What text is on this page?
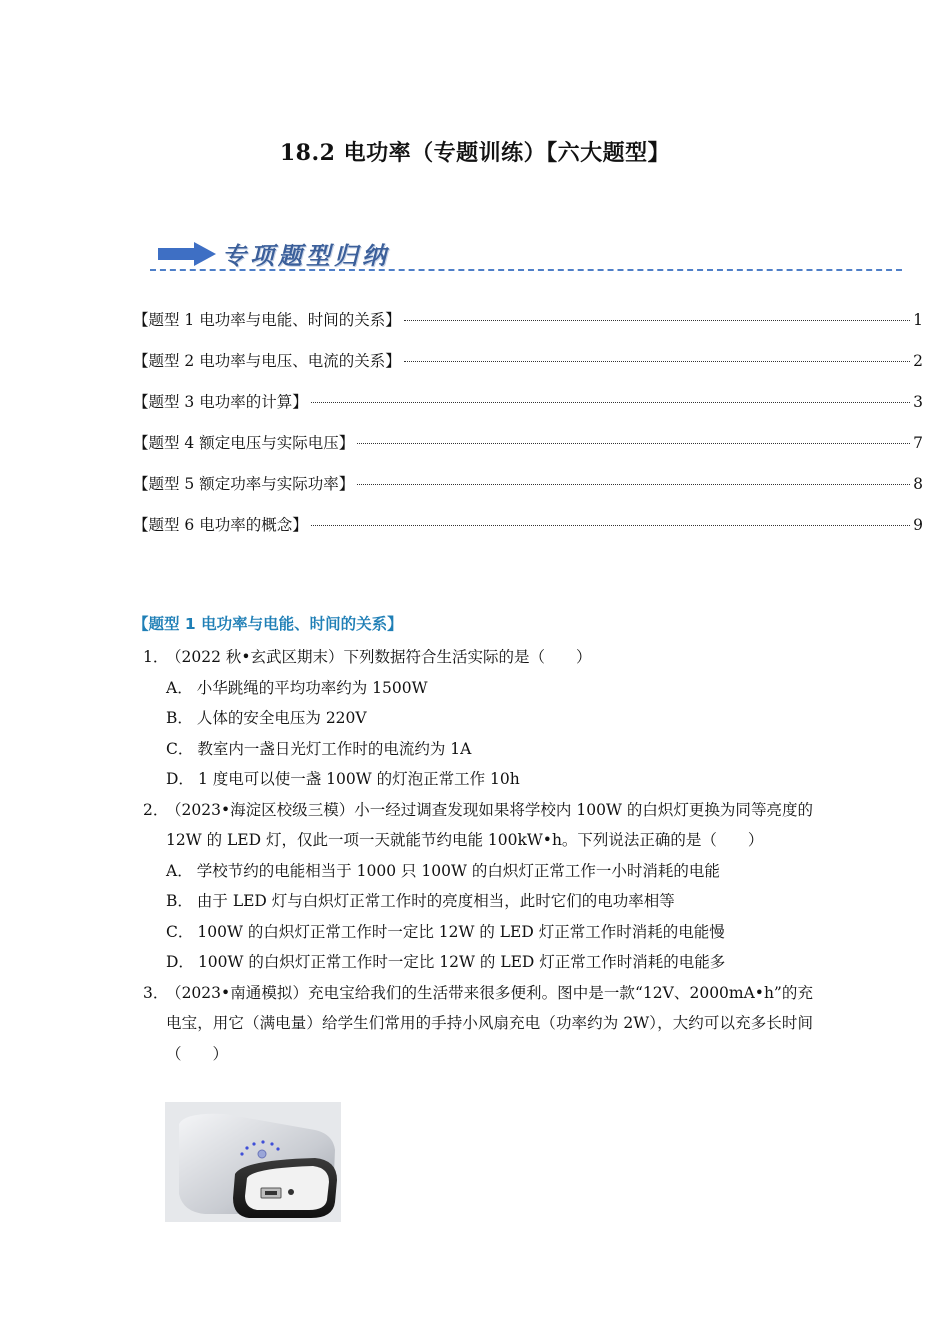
18.2 电功率（专题训练）【六大题型】
专项题型归纳
【题型 1 电功率与电能、时间的关系】	1
【题型 2 电功率与电压、电流的关系】	2
【题型 3 电功率的计算】	3
【题型 4 额定电压与实际电压】	7
【题型 5 额定功率与实际功率】	8
【题型 6 电功率的概念】	9
【题型 1 电功率与电能、时间的关系】
1．
（2022 秋•玄武区期末）下列数据符合生活实际的是（　　）
A． 小华跳绳的平均功率约为 1500W
B． 人体的安全电压为 220V
C． 教室内一盏日光灯工作时的电流约为 1A
D． 1 度电可以使一盏 100W 的灯泡正常工作 10h
2．
（2023•海淀区校级三模）小一经过调查发现如果将学校内 100W 的白炽灯更换为同等亮度的 12W 的 LED 灯，仅此一项一天就能节约电能 100kW•h。下列说法正确的是（　　）
A． 学校节约的电能相当于 1000 只 100W 的白炽灯正常工作一小时消耗的电能
B． 由于 LED 灯与白炽灯正常工作时的亮度相当，此时它们的电功率相等
C． 100W 的白炽灯正常工作时一定比 12W 的 LED 灯正常工作时消耗的电能慢
D． 100W 的白炽灯正常工作时一定比 12W 的 LED 灯正常工作时消耗的电能多
3．
（2023•南通模拟）充电宝给我们的生活带来很多便利。图中是一款“12V、2000mA•h”的充电宝，用它（满电量）给学生们常用的手持小风扇充电（功率约为 2W），大约可以充多长时间（　　）
